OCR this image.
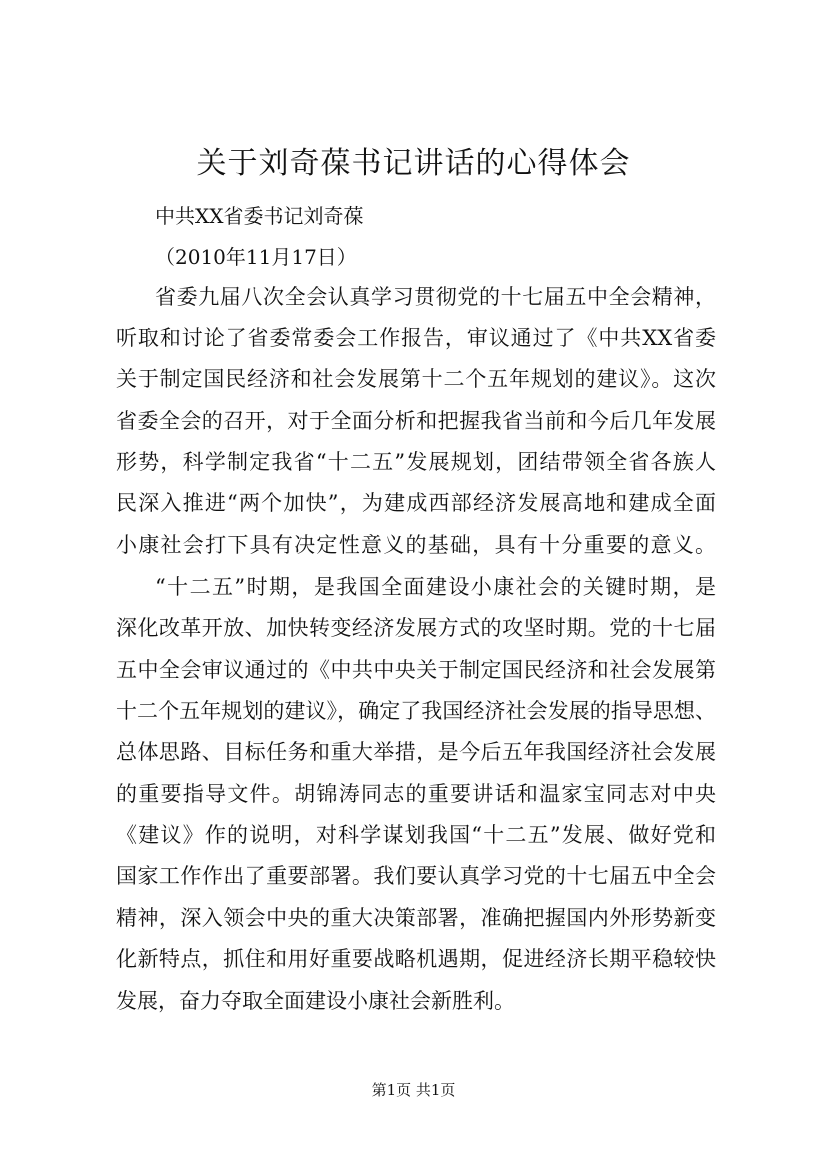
关于刘奇葆书记讲话的心得体会
中共XX省委书记刘奇葆
（2010年11月17日）
省委九届八次全会认真学习贯彻党的十七届五中全会精神，
听取和讨论了省委常委会工作报告，审议通过了《中共XX省委
关于制定国民经济和社会发展第十二个五年规划的建议》。这次
省委全会的召开，对于全面分析和把握我省当前和今后几年发展
形势，科学制定我省“十二五”发展规划，团结带领全省各族人
民深入推进“两个加快”，为建成西部经济发展高地和建成全面
小康社会打下具有决定性意义的基础，具有十分重要的意义。
“十二五”时期，是我国全面建设小康社会的关键时期，是
深化改革开放、加快转变经济发展方式的攻坚时期。党的十七届
五中全会审议通过的《中共中央关于制定国民经济和社会发展第
十二个五年规划的建议》，确定了我国经济社会发展的指导思想、
总体思路、目标任务和重大举措，是今后五年我国经济社会发展
的重要指导文件。胡锦涛同志的重要讲话和温家宝同志对中央
《建议》作的说明，对科学谋划我国“十二五”发展、做好党和
国家工作作出了重要部署。我们要认真学习党的十七届五中全会
精神，深入领会中央的重大决策部署，准确把握国内外形势新变
化新特点，抓住和用好重要战略机遇期，促进经济长期平稳较快
发展，奋力夺取全面建设小康社会新胜利。
第1页 共1页
